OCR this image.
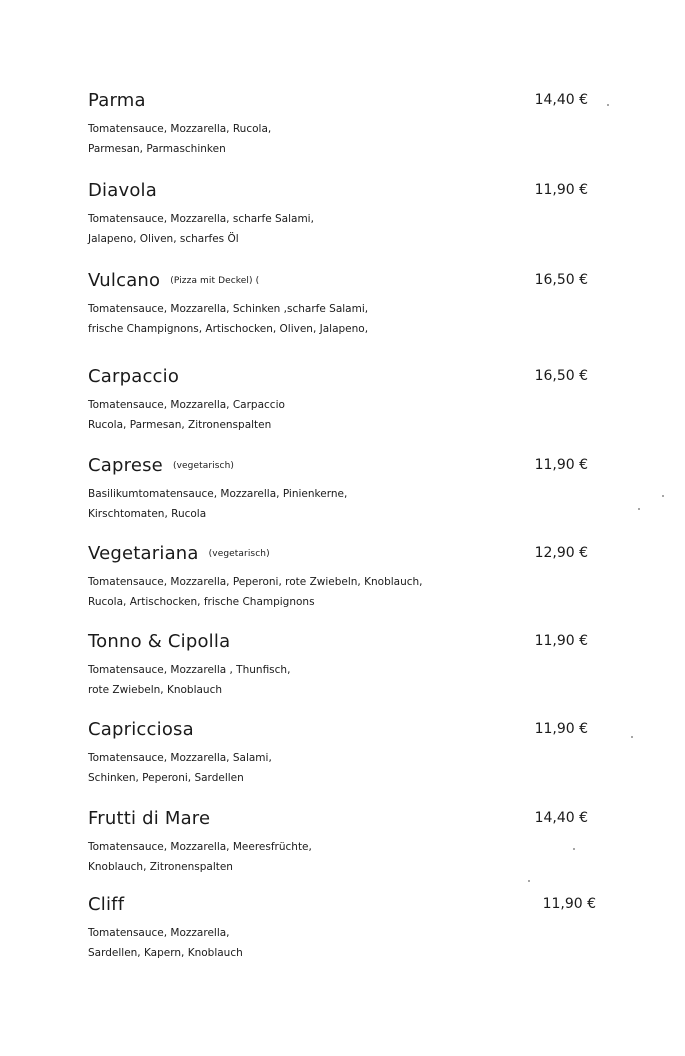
Parma	14,40 €
Tomatensauce, Mozzarella, Rucola,
Parmesan, Parmaschinken
Diavola	11,90 €
Tomatensauce, Mozzarella, scharfe Salami,
Jalapeno, Oliven, scharfes Öl
Vulcano (Pizza mit Deckel) (	16,50 €
Tomatensauce, Mozzarella, Schinken ,scharfe Salami,
frische Champignons, Artischocken, Oliven, Jalapeno,
Carpaccio	16,50 €
Tomatensauce, Mozzarella, Carpaccio
Rucola, Parmesan, Zitronenspalten
Caprese (vegetarisch)	11,90 €
Basilikumtomatensauce, Mozzarella, Pinienkerne,
Kirschtomaten, Rucola
Vegetariana (vegetarisch)	12,90 €
Tomatensauce, Mozzarella, Peperoni, rote Zwiebeln, Knoblauch,
Rucola, Artischocken, frische Champignons
Tonno & Cipolla	11,90 €
Tomatensauce, Mozzarella , Thunfisch,
rote Zwiebeln, Knoblauch
Capricciosa	11,90 €
Tomatensauce, Mozzarella, Salami,
Schinken, Peperoni, Sardellen
Frutti di Mare	14,40 €
Tomatensauce, Mozzarella, Meeresfrüchte,
Knoblauch, Zitronenspalten
Cliff	11,90 €
Tomatensauce, Mozzarella,
Sardellen, Kapern, Knoblauch
